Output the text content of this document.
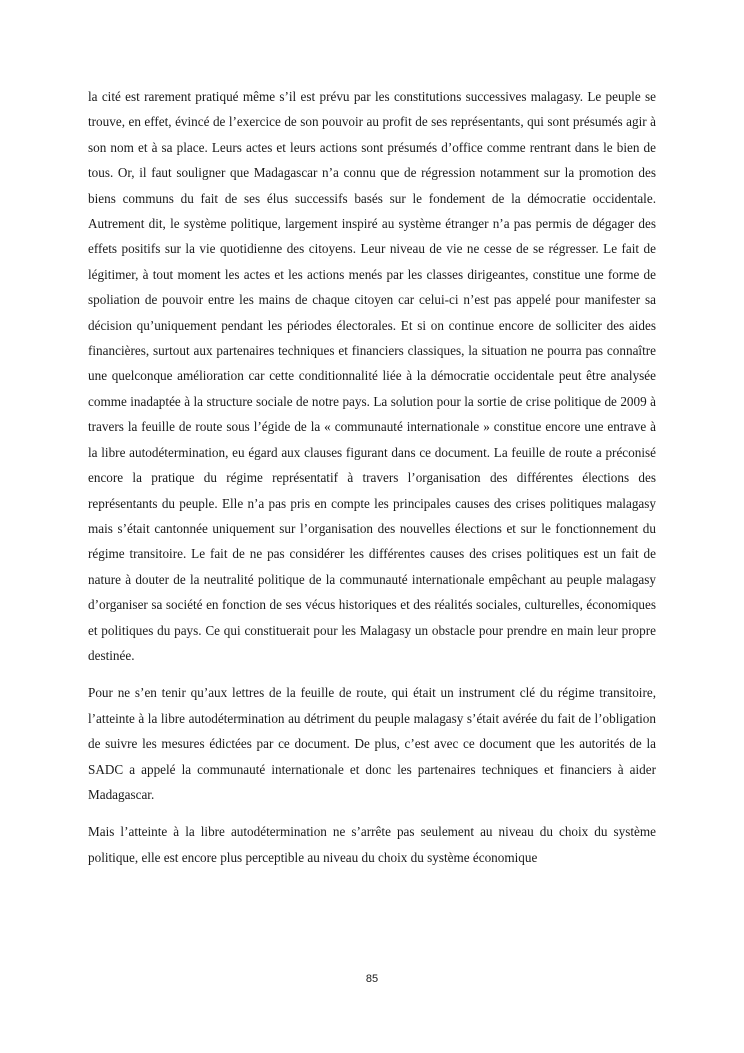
la cité est rarement pratiqué même s’il est prévu par les constitutions successives malagasy. Le peuple se trouve, en effet, évincé de l’exercice de son pouvoir au profit de ses représentants, qui sont présumés agir à son nom et à sa place. Leurs actes et leurs actions sont présumés d’office comme rentrant dans le bien de tous. Or, il faut souligner que Madagascar n’a connu que de régression notamment sur la promotion des biens communs du fait de ses élus successifs basés sur le fondement de la démocratie occidentale. Autrement dit, le système politique, largement inspiré au système étranger n’a pas permis de dégager des effets positifs sur la vie quotidienne des citoyens. Leur niveau de vie ne cesse de se régresser. Le fait de légitimer, à tout moment les actes et les actions menés par les classes dirigeantes, constitue une forme de spoliation de pouvoir entre les mains de chaque citoyen car celui-ci n’est pas appelé pour manifester sa décision qu’uniquement pendant les périodes électorales. Et si on continue encore de solliciter des aides financières, surtout aux partenaires techniques et financiers classiques, la situation ne pourra pas connaître une quelconque amélioration car cette conditionnalité liée à la démocratie occidentale peut être analysée comme inadaptée à la structure sociale de notre pays. La solution pour la sortie de crise politique de 2009 à travers la feuille de route sous l’égide de la « communauté internationale » constitue encore une entrave à la libre autodétermination, eu égard aux clauses figurant dans ce document. La feuille de route a préconisé encore la pratique du régime représentatif à travers l’organisation des différentes élections des représentants du peuple. Elle n’a pas pris en compte les principales causes des crises politiques malagasy mais s’était cantonnée uniquement sur l’organisation des nouvelles élections et sur le fonctionnement du régime transitoire. Le fait de ne pas considérer les différentes causes des crises politiques est un fait de nature à douter de la neutralité politique de la communauté internationale empêchant au peuple malagasy d’organiser sa société en fonction de ses vécus historiques et des réalités sociales, culturelles, économiques et politiques du pays. Ce qui constituerait pour les Malagasy un obstacle pour prendre en main leur propre destinée.

Pour ne s’en tenir qu’aux lettres de la feuille de route, qui était un instrument clé du régime transitoire, l’atteinte à la libre autodétermination au détriment du peuple malagasy s’était avérée du fait de l’obligation de suivre les mesures édictées par ce document. De plus, c’est avec ce document que les autorités de la SADC a appelé la communauté internationale et donc les partenaires techniques et financiers à aider Madagascar.

Mais l’atteinte à la libre autodétermination ne s’arrête pas seulement au niveau du choix du système politique, elle est encore plus perceptible au niveau du choix du système économique

85
